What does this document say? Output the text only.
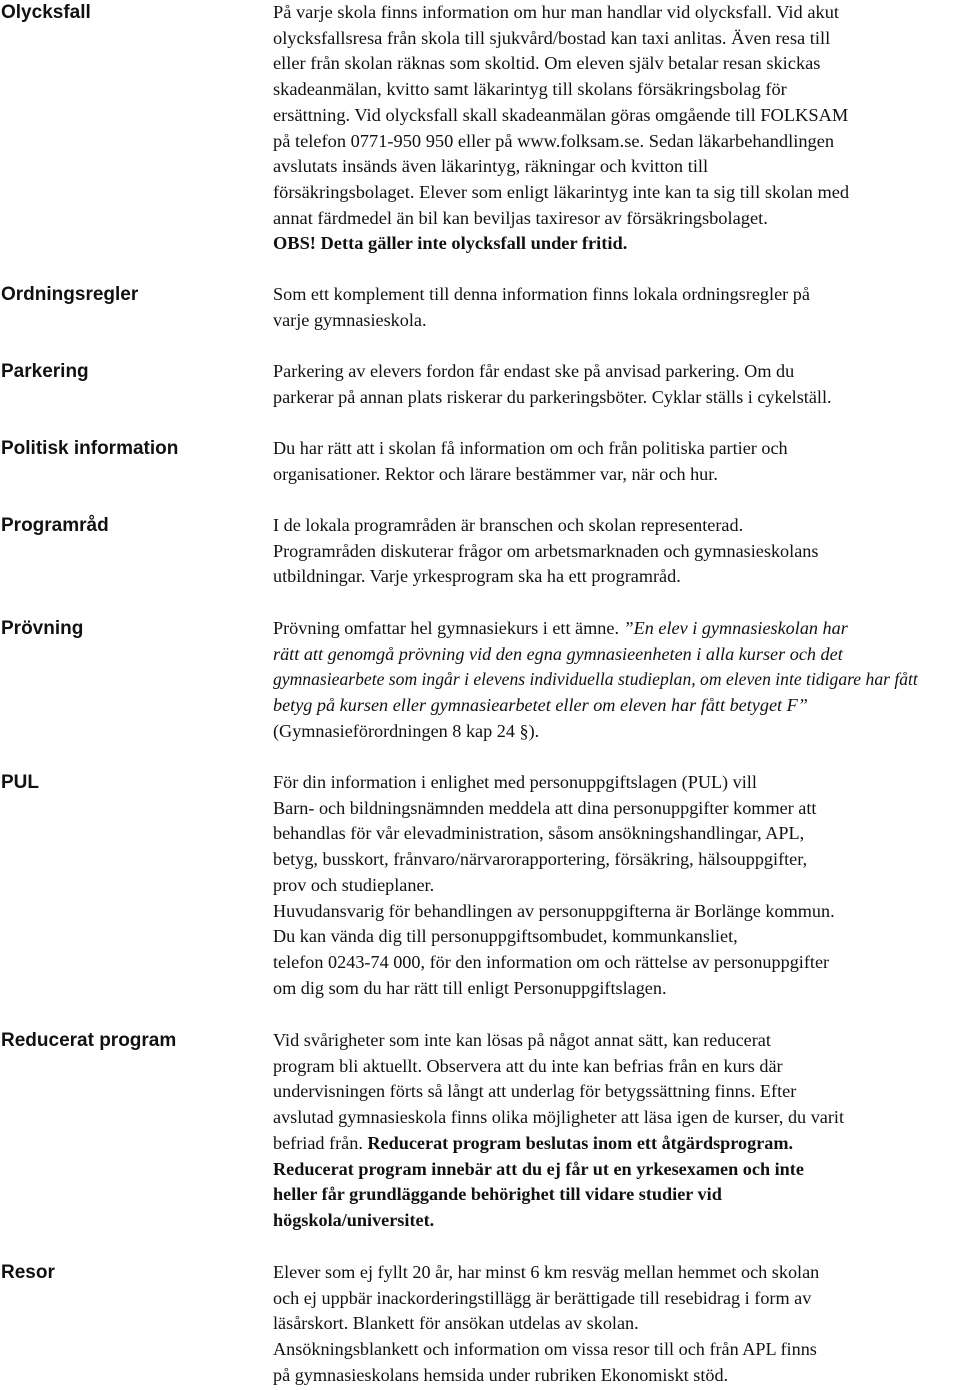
Olycksfall	På varje skola finns information om hur man handlar vid olycksfall. Vid akut
olycksfallsresa från skola till sjukvård/bostad kan taxi anlitas. Även resa till
eller från skolan räknas som skoltid. Om eleven själv betalar resan skickas
skadeanmälan, kvitto samt läkarintyg till skolans försäkringsbolag för
ersättning. Vid olycksfall skall skadeanmälan göras omgående till FOLKSAM
på telefon 0771-950 950 eller på www.folksam.se. Sedan läkarbehandlingen
avslutats insänds även läkarintyg, räkningar och kvitton till
försäkringsbolaget. Elever som enligt läkarintyg inte kan ta sig till skolan med
annat färdmedel än bil kan beviljas taxiresor av försäkringsbolaget.
OBS! Detta gäller inte olycksfall under fritid.
Ordningsregler	Som ett komplement till denna information finns lokala ordningsregler på
varje gymnasieskola.
Parkering	Parkering av elevers fordon får endast ske på anvisad parkering. Om du
parkerar på annan plats riskerar du parkeringsböter. Cyklar ställs i cykelställ.
Politisk information	Du har rätt att i skolan få information om och från politiska partier och
organisationer. Rektor och lärare bestämmer var, när och hur.
Programråd	I de lokala programråden är branschen och skolan representerad.
Programråden diskuterar frågor om arbetsmarknaden och gymnasieskolans
utbildningar. Varje yrkesprogram ska ha ett programråd.
Prövning	Prövning omfattar hel gymnasiekurs i ett ämne. ”En elev i gymnasieskolan har
rätt att genomgå prövning vid den egna gymnasieenheten i alla kurser och det
gymnasiearbete som ingår i elevens individuella studieplan, om eleven inte tidigare har fått
betyg på kursen eller gymnasiearbetet eller om eleven har fått betyget F”
(Gymnasieförordningen 8 kap 24 §).
PUL	För din information i enlighet med personuppgiftslagen (PUL) vill
Barn- och bildningsnämnden meddela att dina personuppgifter kommer att
behandlas för vår elevadministration, såsom ansökningshandlingar, APL,
betyg, busskort, frånvaro/närvarorapportering, försäkring, hälsouppgifter,
prov och studieplaner.
Huvudansvarig för behandlingen av personuppgifterna är Borlänge kommun.
Du kan vända dig till personuppgiftsombudet, kommunkansliet,
telefon 0243-74 000, för den information om och rättelse av personuppgifter
om dig som du har rätt till enligt Personuppgiftslagen.
Reducerat program	Vid svårigheter som inte kan lösas på något annat sätt, kan reducerat
program bli aktuellt. Observera att du inte kan befrias från en kurs där
undervisningen förts så långt att underlag för betygssättning finns. Efter
avslutad gymnasieskola finns olika möjligheter att läsa igen de kurser, du varit
befriad från. Reducerat program beslutas inom ett åtgärdsprogram.
Reducerat program innebär att du ej får ut en yrkesexamen och inte
heller får grundläggande behörighet till vidare studier vid
högskola/universitet.
Resor	Elever som ej fyllt 20 år, har minst 6 km resväg mellan hemmet och skolan
och ej uppbär inackorderingstillägg är berättigade till resebidrag i form av
läsårskort. Blankett för ansökan utdelas av skolan.
Ansökningsblankett och information om vissa resor till och från APL finns
på gymnasieskolans hemsida under rubriken Ekonomiskt stöd.
